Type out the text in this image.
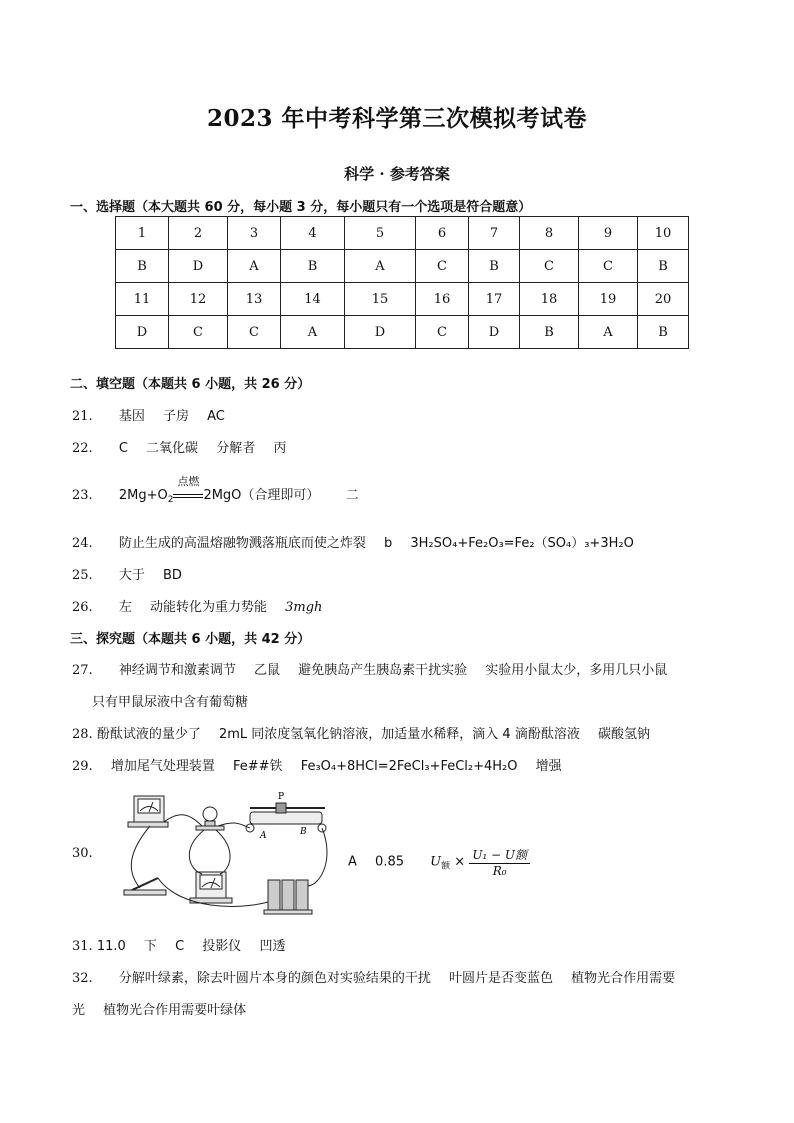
2023 年中考科学第三次模拟考试卷
科学 · 参考答案
一、选择题（本大题共 60 分，每小题 3 分，每小题只有一个选项是符合题意）
1	2	3	4	5	6	7	8	9	10
B	D	A	B	A	C	B	C	C	B
11	12	13	14	15	16	17	18	19	20
D	C	C	A	D	C	D	B	A	B
二、填空题（本题共 6 小题，共 26 分）
21. 基因 子房 AC
22. C 二氧化碳 分解者 丙
23. $2Mg+O_2$
点燃
2MgO（合理即可） 二
24. 防止生成的高温熔融物溅落瓶底而使之炸裂 b 3H₂SO₄+Fe₂O₃=Fe₂（SO₄）₃+3H₂O
25. 大于 BD
26. 左 动能转化为重力势能 3mgh
三、探究题（本题共 6 小题，共 42 分）
27. 神经调节和激素调节 乙鼠 避免胰岛产生胰岛素干扰实验 实验用小鼠太少，多用几只小鼠
只有甲鼠尿液中含有葡萄糖
28. 酚酞试液的量少了 2mL 同浓度氢氧化钠溶液，加适量水稀释，滴入 4 滴酚酞溶液 碳酸氢钠
29. 增加尾气处理装置 Fe##铁 Fe₃O₄+8HCl=2FeCl₃+FeCl₂+4H₂O 增强
30.
P
A	B
A 0.85 $U_额 \times \frac{\text{U₁ − U额}}{\text{R₀}}$
31. 11.0 下 C 投影仪 凹透
32. 分解叶绿素，除去叶圆片本身的颜色对实验结果的干扰 叶圆片是否变蓝色 植物光合作用需要
光 植物光合作用需要叶绿体
